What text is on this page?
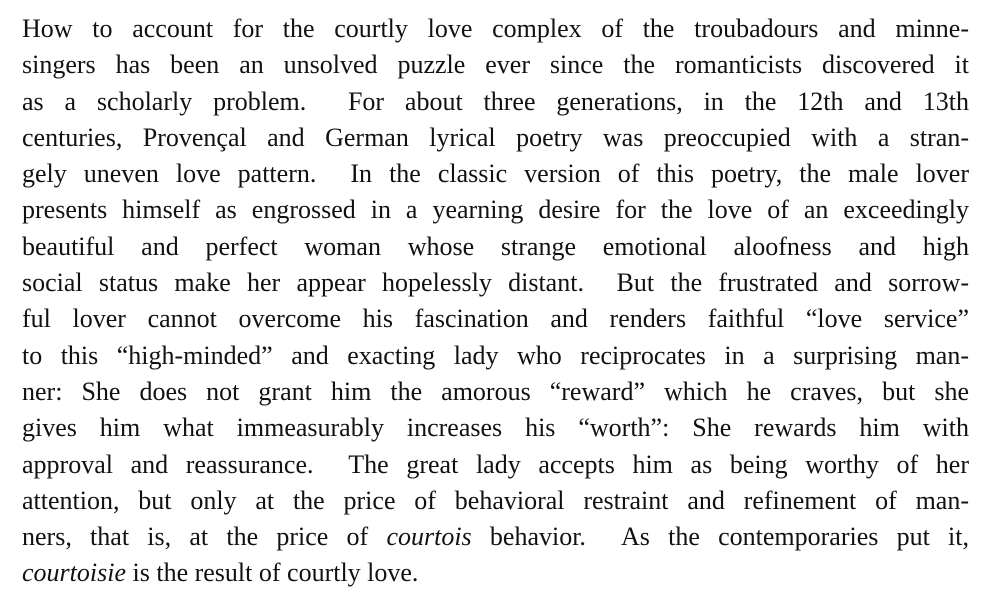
How to account for the courtly love complex of the troubadours and minne-
singers has been an unsolved puzzle ever since the romanticists discovered it
as a scholarly problem.  For about three generations, in the 12th and 13th
centuries, Provençal and German lyrical poetry was preoccupied with a stran-
gely uneven love pattern.  In the classic version of this poetry, the male lover
presents himself as engrossed in a yearning desire for the love of an exceedingly
beautiful and perfect woman whose strange emotional aloofness and high
social status make her appear hopelessly distant.  But the frustrated and sorrow-
ful lover cannot overcome his fascination and renders faithful “love service”
to this “high-minded” and exacting lady who reciprocates in a surprising man-
ner: She does not grant him the amorous “reward” which he craves, but she
gives him what immeasurably increases his “worth”: She rewards him with
approval and reassurance.  The great lady accepts him as being worthy of her
attention, but only at the price of behavioral restraint and refinement of man-
ners, that is, at the price of courtois behavior.  As the contemporaries put it,
courtoisie is the result of courtly love.
